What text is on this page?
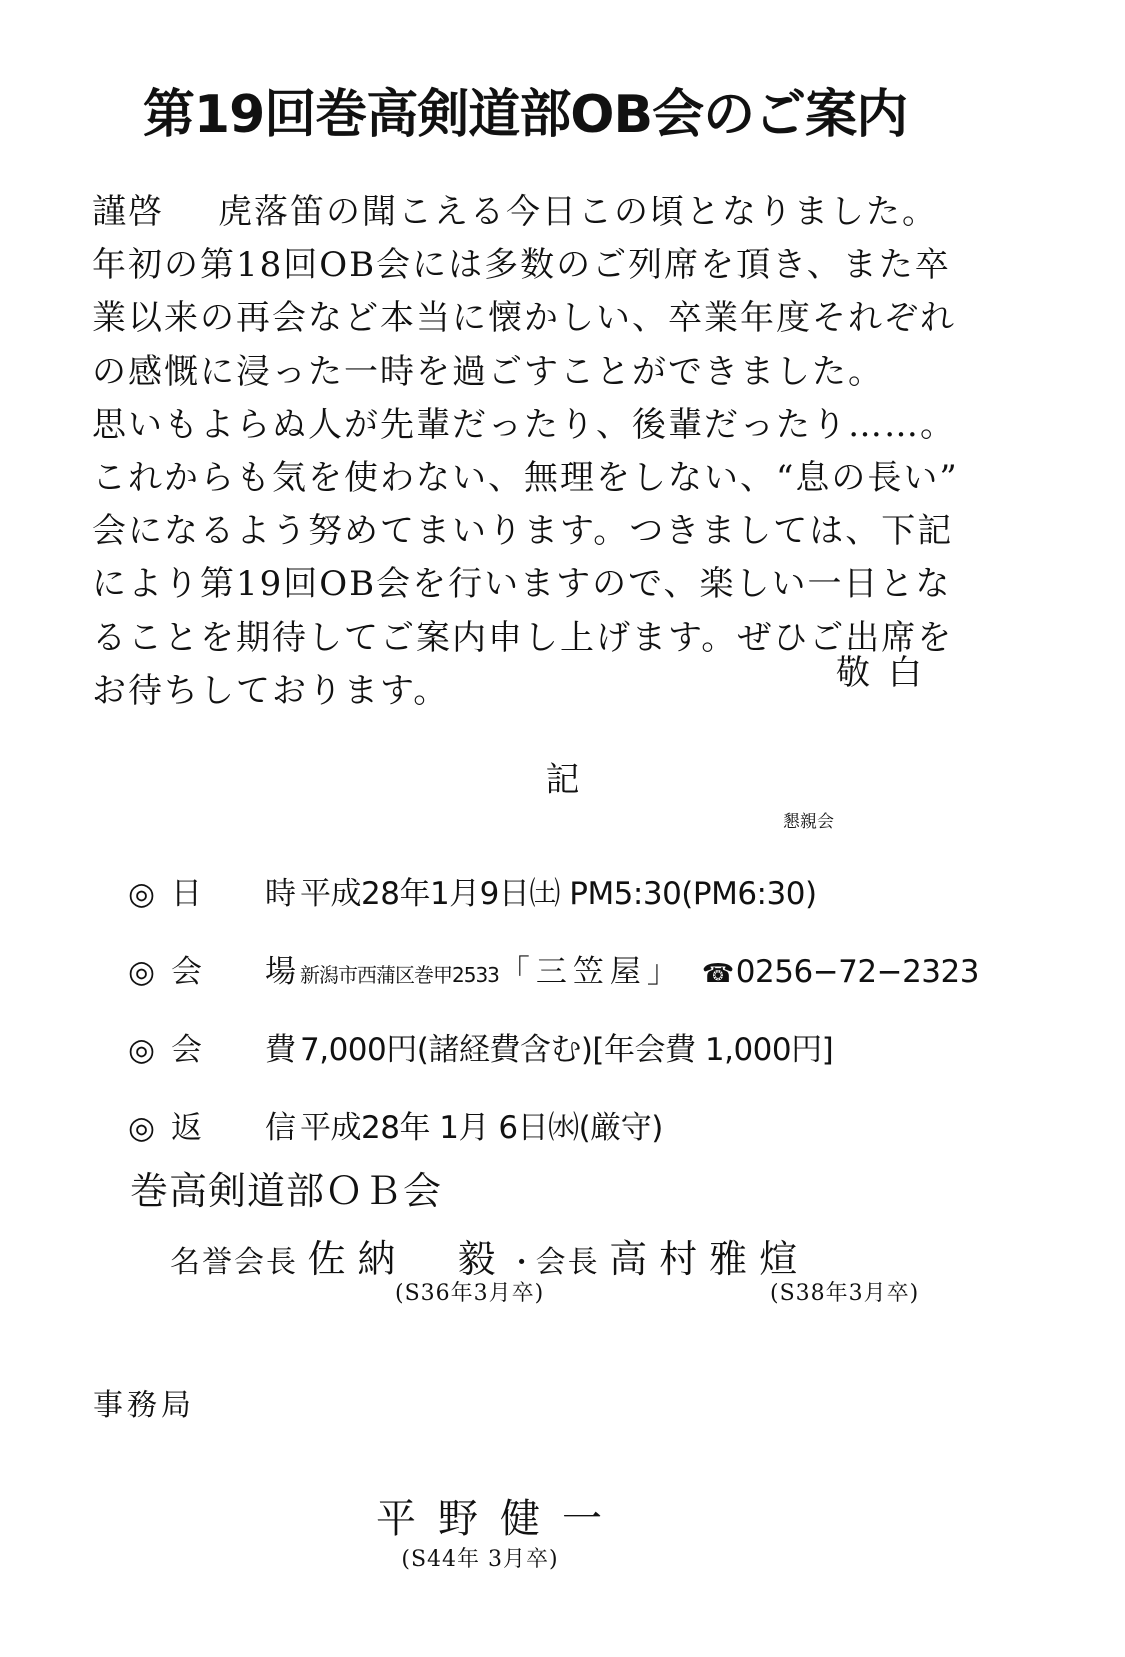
第19回巻高剣道部OB会のご案内
謹啓 虎落笛の聞こえる今日この頃となりました。
年初の第18回OB会には多数のご列席を頂き、また卒
業以来の再会など本当に懐かしい、卒業年度それぞれ
の感慨に浸った一時を過ごすことができました。
思いもよらぬ人が先輩だったり、後輩だったり……。
これからも気を使わない、無理をしない、“息の長い”
会になるよう努めてまいります。つきましては、下記
により第19回OB会を行いますので、楽しい一日とな
ることを期待してご案内申し上げます。ぜひご出席を
お待ちしております。	敬白
記
懇親会
◎日　時
平成28年1月9日㈯ PM5:30(PM6:30)
◎会　場
新潟市西蒲区巻甲2533「三笠屋」 ☎0256−72−2323
◎会　費
7,000円(諸経費含む)[年会費 1,000円]
◎返　信
平成28年 1月 6日㈬(厳守)
巻高剣道部ＯＢ会
名誉会長 佐納　毅・会長 高村雅煊
(S36年3月卒)	(S38年3月卒)
事務局
平野健一
(S44年 3月卒)
